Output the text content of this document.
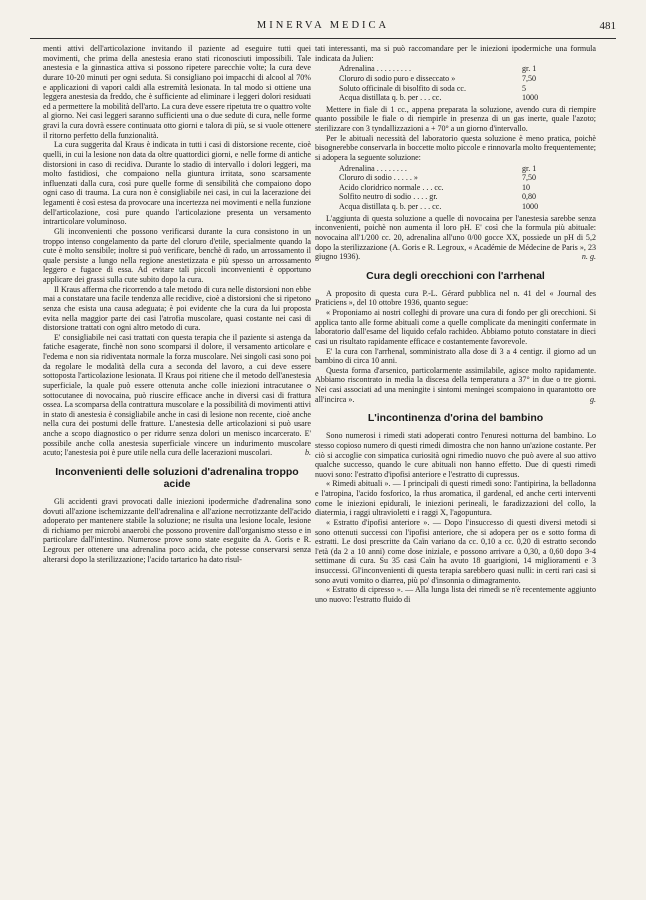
MINERVA MEDICA	481

menti attivi dell'articolazione invitando il paziente ad eseguire tutti quei movimenti, che prima della anestesia erano stati riconosciuti impossibili. Tale anestesia e la ginnastica attiva si possono ripetere parecchie volte; la cura deve durare 10-20 minuti per ogni seduta. Si consigliano poi impacchi di alcool al 70% e applicazioni di vapori caldi alla estremità lesionata. In tal modo si ottiene una leggera anestesia da freddo, che è sufficiente ad eliminare i leggeri dolori residuati ed a permettere la mobilità dell'arto. La cura deve essere ripetuta tre o quattro volte al giorno. Nei casi leggeri saranno sufficienti una o due sedute di cura, nelle forme gravi la cura dovrà essere continuata otto giorni e talora di più, se si vuole ottenere il ritorno perfetto della funzionalità.

La cura suggerita dal Kraus è indicata in tutti i casi di distorsione recente, cioè quelli, in cui la lesione non data da oltre quattordici giorni, e nelle forme di antiche distorsioni in caso di recidiva. Durante lo stadio di intervallo i dolori leggeri, ma molto fastidiosi, che compaiono nella giuntura irritata, sono scarsamente influenzati dalla cura, così pure quelle forme di sensibilità che compaiono dopo ogni caso di trauma. La cura non è consigliabile nei casi, in cui la lacerazione dei legamenti è così estesa da provocare una incertezza nei movimenti e nella funzione dell'articolazione, così pure quando l'articolazione presenta un versamento intrarticolare voluminoso.

Gli inconvenienti che possono verificarsi durante la cura consistono in un troppo intenso congelamento da parte del cloruro d'etile, specialmente quando la cute è molto sensibile; inoltre si può verificare, benchè di rado, un arrossamento il quale persiste a lungo nella regione anestetizzata e più spesso un arrossamento leggero e fugace di essa. Ad evitare tali piccoli inconvenienti è opportuno applicare dei grassi sulla cute subito dopo la cura.

Il Kraus afferma che ricorrendo a tale metodo di cura nelle distorsioni non ebbe mai a constatare una facile tendenza alle recidive, cioè a distorsioni che si ripetono senza che esista una causa adeguata; è poi evidente che la cura da lui proposta evita nella maggior parte dei casi l'atrofia muscolare, quasi costante nei casi di distorsione trattati con ogni altro metodo di cura.

E' consigliabile nei casi trattati con questa terapia che il paziente si astenga da fatiche esagerate, finchè non sono scomparsi il dolore, il versamento articolare e l'edema e non sia ridiventata normale la forza muscolare. Nei singoli casi sono poi da regolare le modalità della cura a seconda del lavoro, a cui deve essere sottoposta l'articolazione lesionata. Il Kraus poi ritiene che il metodo dell'anestesia superficiale, la quale può essere ottenuta anche colle iniezioni intracutanee o sottocutanee di novocaina, può riuscire efficace anche in diversi casi di frattura ossea. La scomparsa della contrattura muscolare e la possibilità di movimenti attivi in stato di anestesia è consigliabile anche in casi di lesione non recente, cioè anche nella cura dei postumi delle fratture. L'anestesia delle articolazioni si può usare anche a scopo diagnostico o per ridurre senza dolori un menisco incarcerato. E' possibile anche colla anestesia superficiale vincere un indurimento muscolare acuto; l'anestesia poi è pure utile nella cura delle lacerazioni muscolari.	b.

Inconvenienti delle soluzioni d'adrenalina troppo acide

Gli accidenti gravi provocati dalle iniezioni ipodermiche d'adrenalina sono dovuti all'azione ischemizzante dell'adrenalina e all'azione necrotizzante dell'acido adoperato per mantenere stabile la soluzione; ne risulta una lesione locale, lesione di richiamo per microbi anaerobi che possono provenire dall'organismo stesso e in particolare dall'intestino. Numerose prove sono state eseguite da A. Goris e R. Legroux per ottenere una adrenalina poco acida, che potesse conservarsi senza alterarsi dopo la sterilizzazione; l'acido tartarico ha dato risul-

tati interessanti, ma si può raccomandare per le iniezioni ipodermiche una formula indicata da Julien:

Adrenalina . . . . . . . . .	gr. 1
Cloruro di sodio puro e disseccato »	7,50
Soluto officinale di bisolfito di soda cc.	5
Acqua distillata q. b. per . . . cc.	1000

Mettere in fiale di 1 cc., appena preparata la soluzione, avendo cura di riempire quanto possibile le fiale o di riempirle in presenza di un gas inerte, quale l'azoto; sterilizzare con 3 tyndallizzazioni a + 70° a un giorno d'intervallo.

Per le abituali necessità del laboratorio questa soluzione è meno pratica, poichè bisognerebbe conservarla in boccette molto piccole e rinnovarla molto frequentemente; si adopera la seguente soluzione:

Adrenalina . . . . . . . .	gr. 1
Cloruro di sodio . . . . . »	7,50
Acido cloridrico normale . . . cc.	10
Solfito neutro di sodio . . . . gr.	0,80
Acqua distillata q. b. per . . . cc.	1000

L'aggiunta di questa soluzione a quelle di novocaina per l'anestesia sarebbe senza inconvenienti, poichè non aumenta il loro pH. E' così che la formula più abituale: novocaina all'1/200 cc. 20, adrenalina all'uno 0/00 gocce XX, possiede un pH di 5,2 dopo la sterilizzazione (A. Goris e R. Legroux, « Académie de Médecine de Paris », 23 giugno 1936).	n. g.

Cura degli orecchioni con l'arrhenal

A proposito di questa cura P.-L. Gérard pubblica nel n. 41 del « Journal des Praticiens », del 10 ottobre 1936, quanto segue:

« Proponiamo ai nostri colleghi di provare una cura di fondo per gli orecchioni. Si applica tanto alle forme abituali come a quelle complicate da meningiti confermate in laboratorio dall'esame del liquido cefalo rachideo. Abbiamo potuto constatare in dieci casi un risultato rapidamente efficace e costantemente favorevole.

E' la cura con l'arrhenal, somministrato alla dose di 3 a 4 centigr. il giorno ad un bambino di circa 10 anni.

Questa forma d'arsenico, particolarmente assimilabile, agisce molto rapidamente. Abbiamo riscontrato in media la discesa della temperatura a 37° in due o tre giorni. Nei casi associati ad una meningite i sintomi meningei scompaiono in quarantotto ore all'incirca ».	g.

L'incontinenza d'orina del bambino

Sono numerosi i rimedi stati adoperati contro l'enuresi notturna del bambino. Lo stesso copioso numero di questi rimedi dimostra che non hanno un'azione costante. Per ciò si accoglie con simpatica curiosità ogni rimedio nuovo che può avere al suo attivo qualche successo, quando le cure abituali non hanno effetto. Due di questi rimedi nuovi sono: l'estratto d'ipofisi anteriore e l'estratto di cupressus.

« Rimedi abituali ». — I principali di questi rimedi sono: l'antipirina, la belladonna e l'atropina, l'acido fosforico, la rhus aromatica, il gardenal, ed anche certi interventi come le iniezioni epidurali, le iniezioni perineali, le faradizzazioni del collo, la diatermia, i raggi ultravioletti e i raggi X, l'agopuntura.

« Estratto d'ipofisi anteriore ». — Dopo l'insuccesso di questi diversi metodi si sono ottenuti successi con l'ipofisi anteriore, che si adopera per os e sotto forma di estratti. Le dosi prescritte da Caïn variano da cc. 0,10 a cc. 0,20 di estratto secondo l'età (da 2 a 10 anni) come dose iniziale, e possono arrivare a 0,30, a 0,60 dopo 3-4 settimane di cura. Su 35 casi Caïn ha avuto 18 guarigioni, 14 miglioramenti e 3 insuccessi. Gl'inconvenienti di questa terapia sarebbero quasi nulli: in certi rari casi si sono avuti vomito o diarrea, più po' d'insonnia o dimagramento.

« Estratto di cipresso ». — Alla lunga lista dei rimedi se n'è recentemente aggiunto uno nuovo: l'estratto fluido di
